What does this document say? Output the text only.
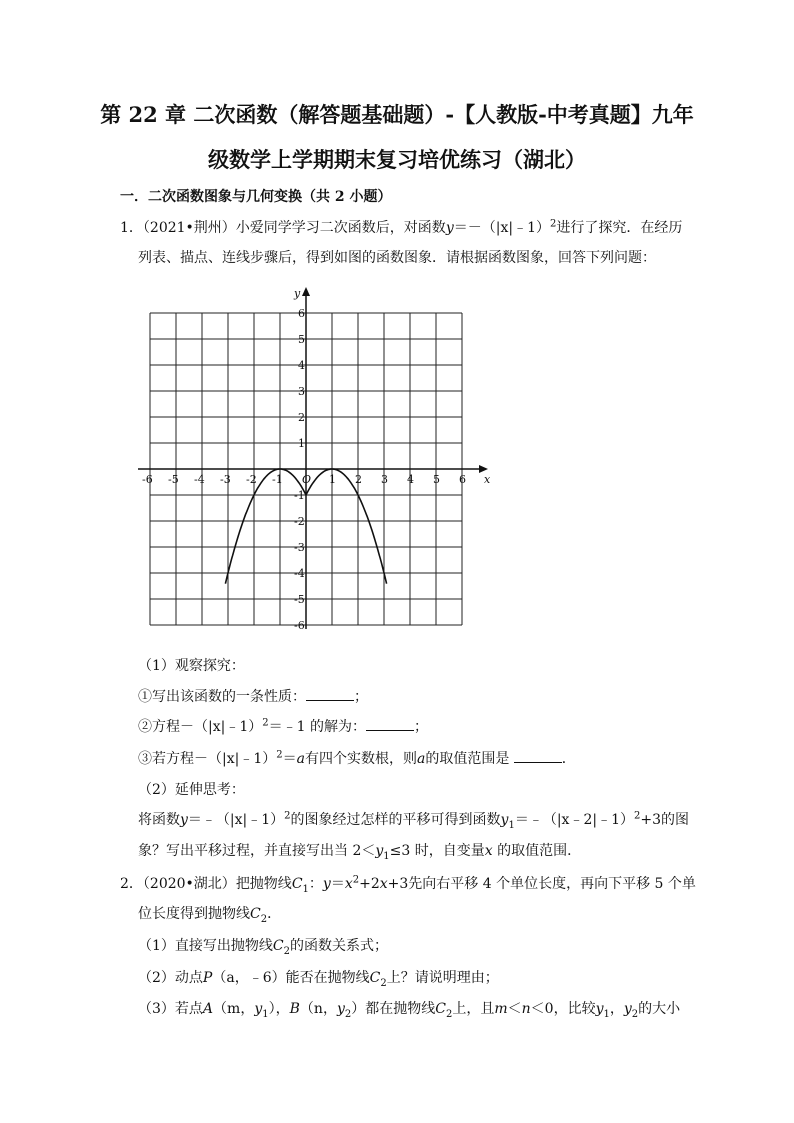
第 22 章 二次函数（解答题基础题）-【人教版-中考真题】九年
级数学上学期期末复习培优练习（湖北）
一．二次函数图象与几何变换（共 2 小题）
1．（2021•荆州）小爱同学学习二次函数后，对函数y＝－（|x|﹣1）$^2$进行了探究．在经历
列表、描点、连线步骤后，得到如图的函数图象．请根据函数图象，回答下列问题：
x
y
O
-6 -5 -4 -3 -2 -1	1 2 3 4 5 6
6
5
4
3
2
1
-1
-2
-3
-4
-5
-6
（1）观察探究：
①写出该函数的一条性质：	；
②方程－（|x|﹣1）$^2$＝﹣1 的解为：	；
③若方程－（|x|﹣1）$^2$＝a有四个实数根，则a的取值范围是	．
（2）延伸思考：
将函数y＝﹣（|x|﹣1）$^2$的图象经过怎样的平移可得到函数$y_1=﹣(|x﹣2|﹣1)^2+3$的图
象？写出平移过程，并直接写出当 $2<y_1\le 3$ 时，自变量x 的取值范围．
2．（2020•湖北）把抛物线$C_1$：$y=x^2+2x+3$先向右平移 4 个单位长度，再向下平移 5 个单
位长度得到抛物线$C_2$．
（1）直接写出抛物线$C_2$的函数关系式；
（2）动点P（a，﹣6）能否在抛物线$C_2$上？请说明理由；
（3）若点A（m，$y_1$），B（n，$y_2$）都在抛物线$C_2$上，且m＜n＜0，比较$y_1$，$y_2$的大小
